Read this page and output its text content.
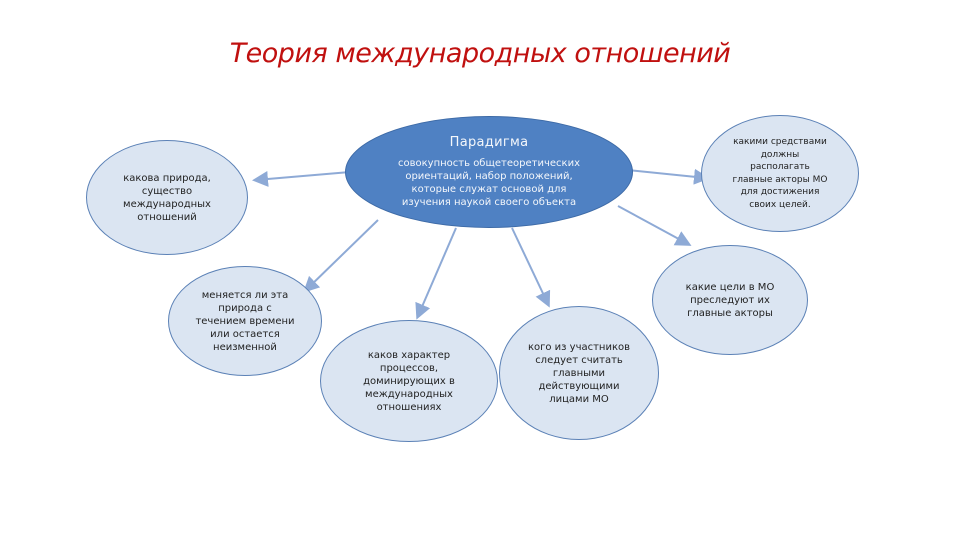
Теория международных отношений
Парадигма
совокупность общетеоретических
ориентаций, набор положений,
которые служат основой для
изучения наукой своего объекта
какова природа,
существо
международных
отношений
какими средствами
должны
располагать
главные акторы МО
для достижения
своих целей.
меняется ли эта
природа с
течением времени
или остается
неизменной
какие цели в МО
преследуют их
главные акторы
каков характер
процессов,
доминирующих в
международных
отношениях
кого из участников
следует считать
главными
действующими
лицами МО
